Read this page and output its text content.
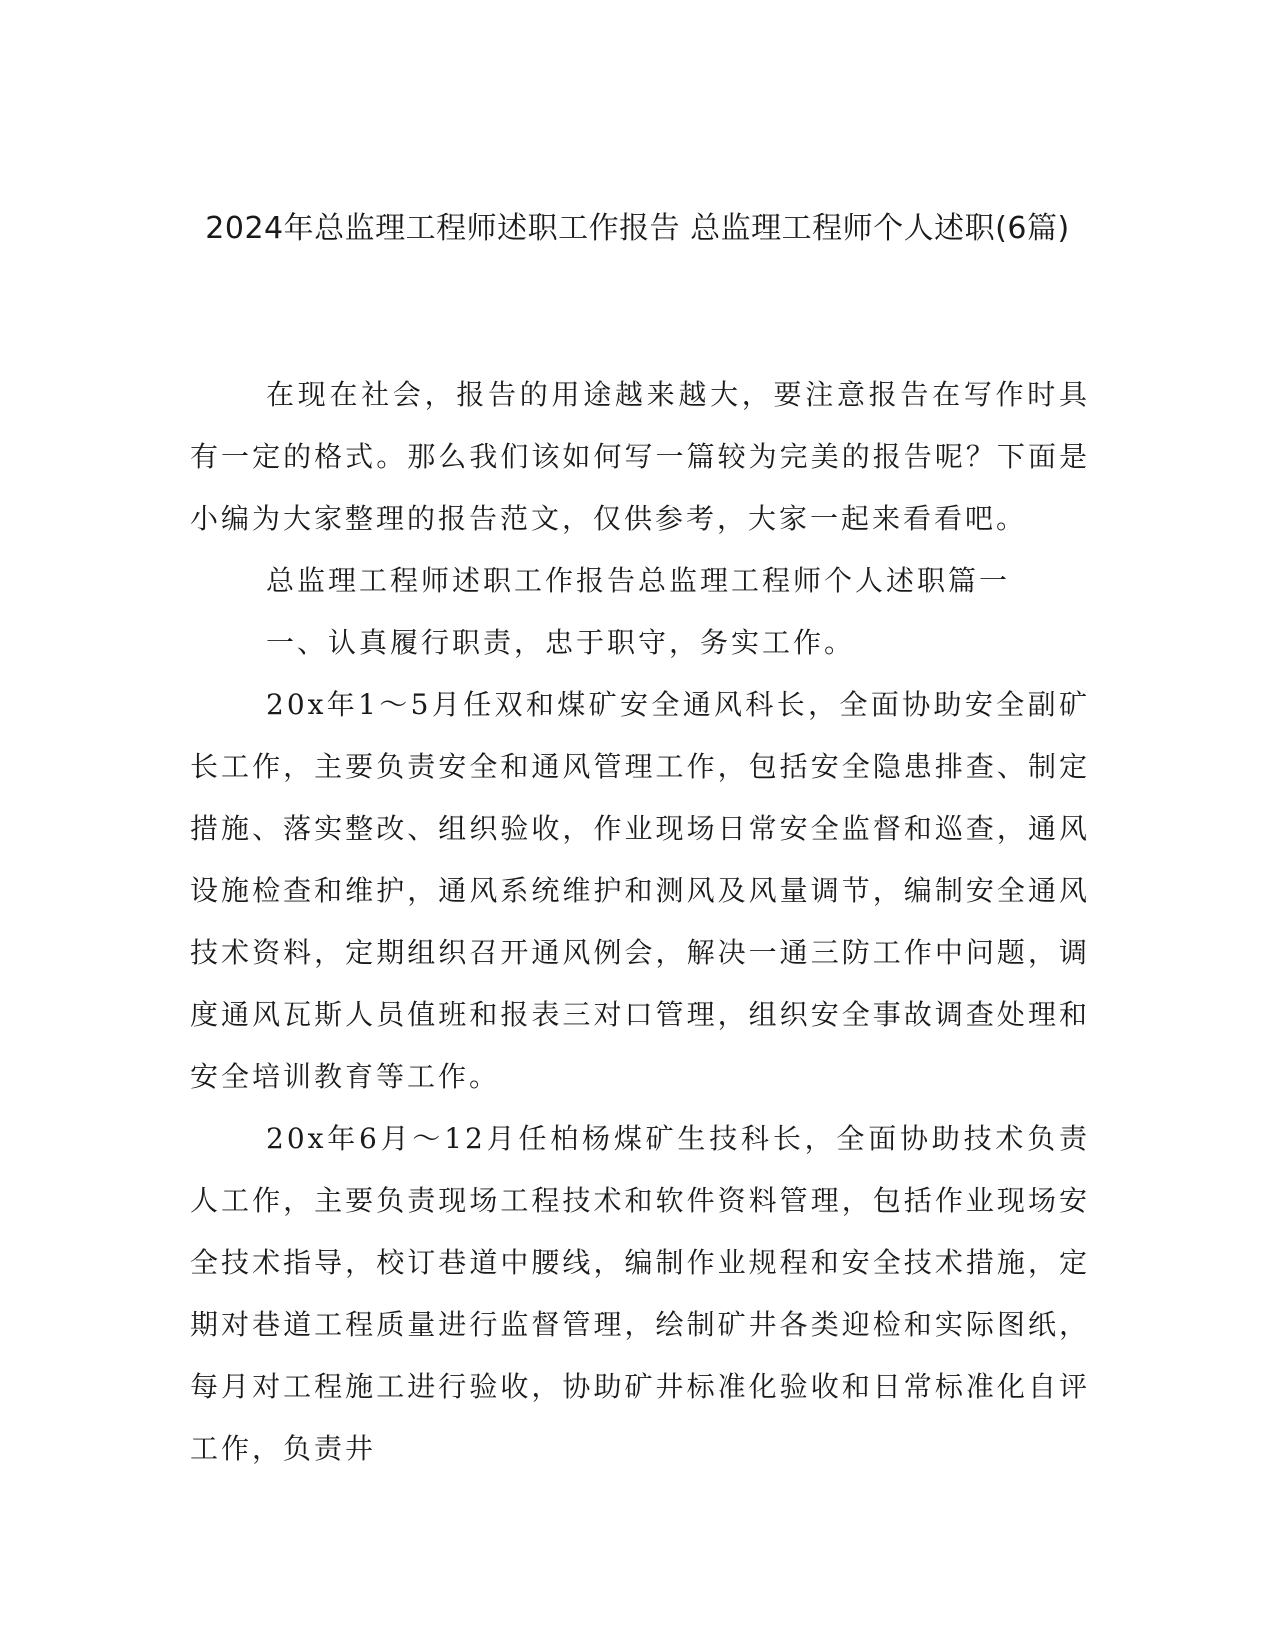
2024年总监理工程师述职工作报告 总监理工程师个人述职(6篇)

在现在社会，报告的用途越来越大，要注意报告在写作时具有一定的格式。那么我们该如何写一篇较为完美的报告呢？下面是小编为大家整理的报告范文，仅供参考，大家一起来看看吧。

总监理工程师述职工作报告总监理工程师个人述职篇一

一、认真履行职责，忠于职守，务实工作。

20x年1～5月任双和煤矿安全通风科长，全面协助安全副矿长工作，主要负责安全和通风管理工作，包括安全隐患排查、制定措施、落实整改、组织验收，作业现场日常安全监督和巡查，通风设施检查和维护，通风系统维护和测风及风量调节，编制安全通风技术资料，定期组织召开通风例会，解决一通三防工作中问题，调度通风瓦斯人员值班和报表三对口管理，组织安全事故调查处理和安全培训教育等工作。

20x年6月～12月任柏杨煤矿生技科长，全面协助技术负责人工作，主要负责现场工程技术和软件资料管理，包括作业现场安全技术指导，校订巷道中腰线，编制作业规程和安全技术措施，定期对巷道工程质量进行监督管理，绘制矿井各类迎检和实际图纸，每月对工程施工进行验收，协助矿井标准化验收和日常标准化自评工作，负责井
